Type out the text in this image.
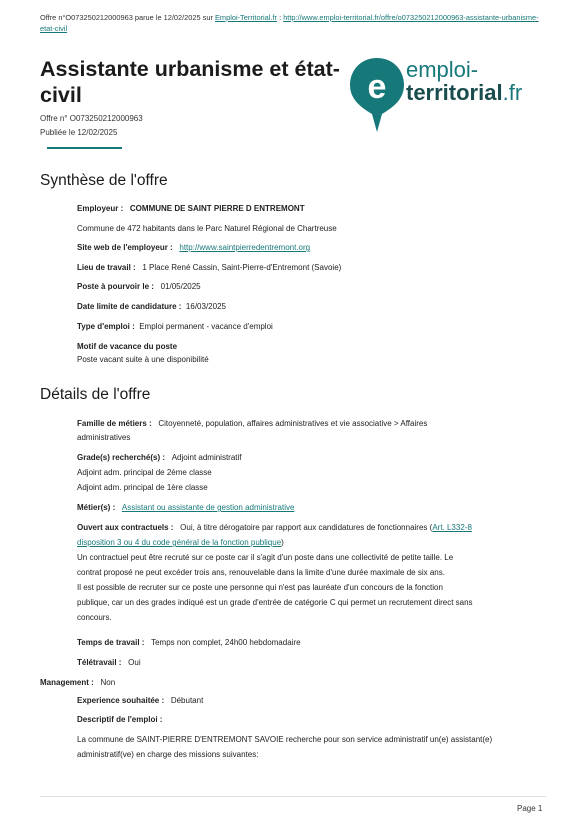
Offre n°O073250212000963 parue le 12/02/2025 sur Emploi-Territorial.fr : http://www.emploi-territorial.fr/offre/o073250212000963-assistante-urbanisme-etat-civil
Assistante urbanisme et état-civil
Offre n° O073250212000963
Publiée le 12/02/2025
e emploi-
territorial.fr
Synthèse de l'offre
Employeur : COMMUNE DE SAINT PIERRE D ENTREMONT
Commune de 472 habitants dans le Parc Naturel Régional de Chartreuse
Site web de l'employeur : http://www.saintpierredentremont.org
Lieu de travail : 1 Place René Cassin, Saint-Pierre-d'Entremont (Savoie)
Poste à pourvoir le : 01/05/2025
Date limite de candidature : 16/03/2025
Type d'emploi : Emploi permanent - vacance d'emploi
Motif de vacance du poste
Poste vacant suite à une disponibilité
Détails de l'offre
Famille de métiers : Citoyenneté, population, affaires administratives et vie associative > Affaires
administratives
Grade(s) recherché(s) : Adjoint administratif
Adjoint adm. principal de 2ème classe
Adjoint adm. principal de 1ère classe
Métier(s) : Assistant ou assistante de gestion administrative
Ouvert aux contractuels : Oui, à titre dérogatoire par rapport aux candidatures de fonctionnaires (Art. L332-8
disposition 3 ou 4 du code général de la fonction publique)
Un contractuel peut être recruté sur ce poste car il s'agit d'un poste dans une collectivité de petite taille. Le
contrat proposé ne peut excéder trois ans, renouvelable dans la limite d'une durée maximale de six ans.
Il est possible de recruter sur ce poste une personne qui n'est pas lauréate d'un concours de la fonction
publique, car un des grades indiqué est un grade d'entrée de catégorie C qui permet un recrutement direct sans
concours.
Temps de travail : Temps non complet, 24h00 hebdomadaire
Télétravail : Oui
Management : Non
Experience souhaitée : Débutant
Descriptif de l'emploi :
La commune de SAINT-PIERRE D'ENTREMONT SAVOIE recherche pour son service administratif un(e) assistant(e)
administratif(ve) en charge des missions suivantes:
Page 1
